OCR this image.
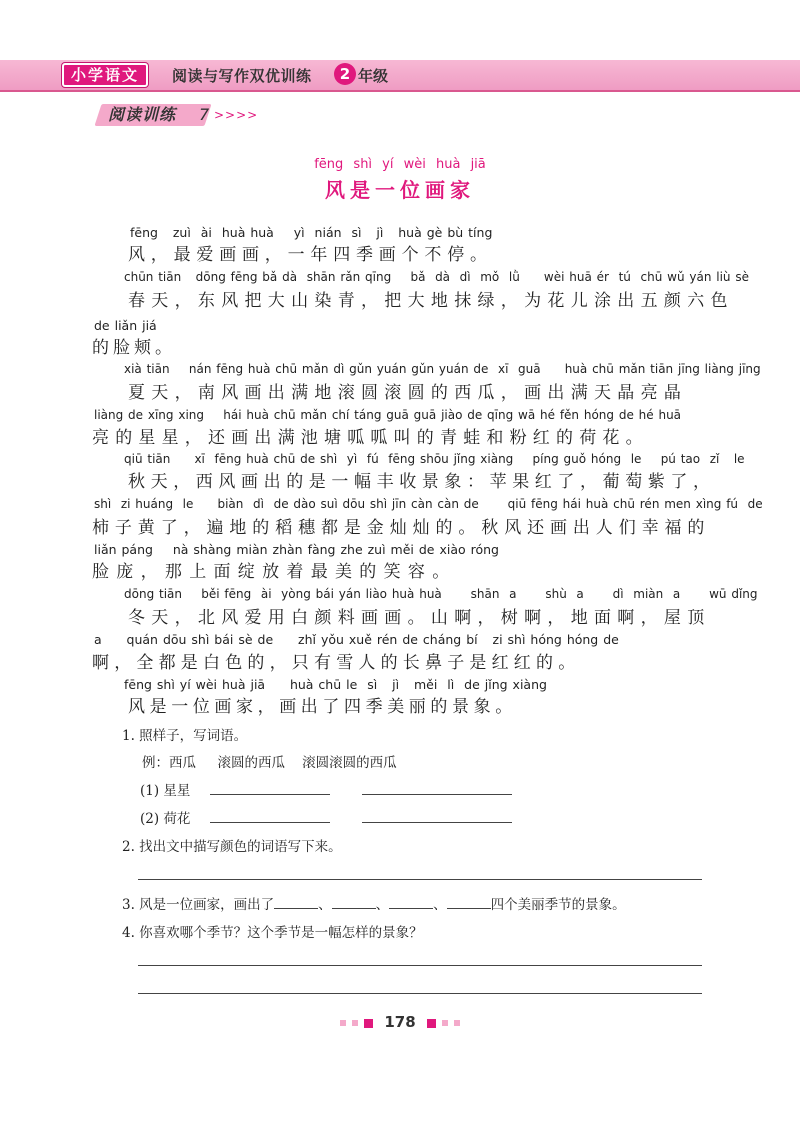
小学语文	阅读与写作双优训练	2 年级
阅读训练 7 >>>>
fēng shì yí wèi huà jiā
风是一位画家
fēng   zuì  ài  huà huà    yì  nián  sì   jì   huà gè bù tíng
风，最爱画画，一年四季画个不停。
chūn tiān   dōng fēng bǎ dà  shān rǎn qīng    bǎ  dà  dì  mǒ  lǜ     wèi huā ér  tú  chū wǔ yán liù sè
春天，东风把大山染青，把大地抹绿，为花儿涂出五颜六色
de liǎn jiá
的脸颊。
xià tiān    nán fēng huà chū mǎn dì gǔn yuán gǔn yuán de  xī  guā     huà chū mǎn tiān jīng liàng jīng
夏天，南风画出满地滚圆滚圆的西瓜，画出满天晶亮晶
liàng de xīng xing    hái huà chū mǎn chí táng guā guā jiào de qīng wā hé fěn hóng de hé huā
亮的星星，还画出满池塘呱呱叫的青蛙和粉红的荷花。
qiū tiān     xī  fēng huà chū de shì  yì  fú  fēng shōu jǐng xiàng    píng guǒ hóng  le    pú tao  zǐ   le
秋天，西风画出的是一幅丰收景象：苹果红了，葡萄紫了，
shì  zi huáng  le     biàn  dì  de dào suì dōu shì jīn càn càn de      qiū fēng hái huà chū rén men xìng fú  de
柿子黄了，遍地的稻穗都是金灿灿的。秋风还画出人们幸福的
liǎn páng    nà shàng miàn zhàn fàng zhe zuì měi de xiào róng
脸庞，那上面绽放着最美的笑容。
dōng tiān    běi fēng  ài  yòng bái yán liào huà huà      shān  a      shù  a      dì  miàn  a      wū dǐng
冬天，北风爱用白颜料画画。山啊，树啊，地面啊，屋顶
a     quán dōu shì bái sè de     zhǐ yǒu xuě rén de cháng bí   zi shì hóng hóng de
啊，全都是白色的，只有雪人的长鼻子是红红的。
fēng shì yí wèi huà jiā     huà chū le  sì   jì   měi  lì  de jǐng xiàng
风是一位画家，画出了四季美丽的景象。
1. 照样子，写词语。
例：西瓜     滚圆的西瓜    滚圆滚圆的西瓜
(1) 星星
(2) 荷花
2. 找出文中描写颜色的词语写下来。
3. 风是一位画家，画出了	、	、	、	四个美丽季节的景象。
4. 你喜欢哪个季节？这个季节是一幅怎样的景象？
178
